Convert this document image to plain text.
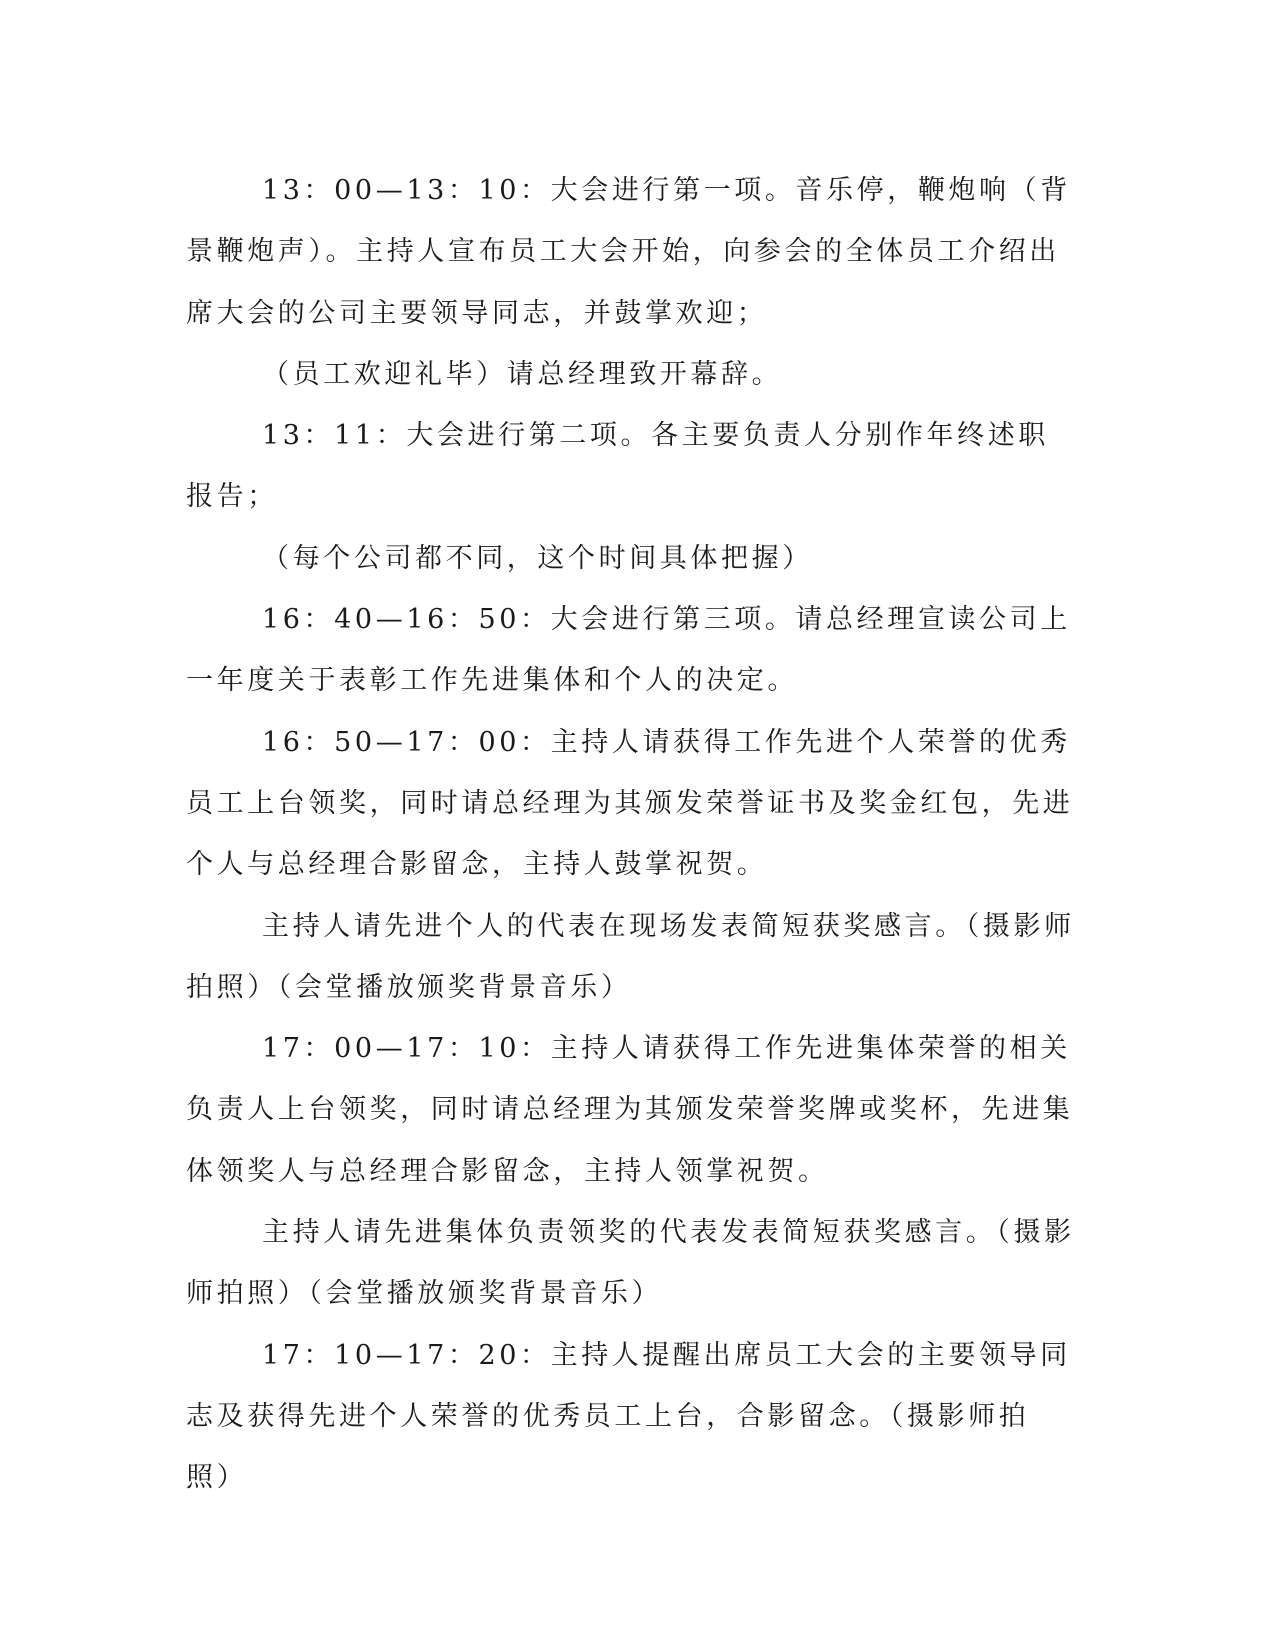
13：00—13：10：大会进行第一项。音乐停，鞭炮响（背景鞭炮声）。主持人宣布员工大会开始，向参会的全体员工介绍出席大会的公司主要领导同志，并鼓掌欢迎；

（员工欢迎礼毕）请总经理致开幕辞。

13：11：大会进行第二项。各主要负责人分别作年终述职报告；

（每个公司都不同，这个时间具体把握）

16：40—16：50：大会进行第三项。请总经理宣读公司上一年度关于表彰工作先进集体和个人的决定。

16：50—17：00：主持人请获得工作先进个人荣誉的优秀员工上台领奖，同时请总经理为其颁发荣誉证书及奖金红包，先进个人与总经理合影留念，主持人鼓掌祝贺。

主持人请先进个人的代表在现场发表简短获奖感言。（摄影师拍照）（会堂播放颁奖背景音乐）

17：00—17：10：主持人请获得工作先进集体荣誉的相关负责人上台领奖，同时请总经理为其颁发荣誉奖牌或奖杯，先进集体领奖人与总经理合影留念，主持人领掌祝贺。

主持人请先进集体负责领奖的代表发表简短获奖感言。（摄影师拍照）（会堂播放颁奖背景音乐）

17：10—17：20：主持人提醒出席员工大会的主要领导同志及获得先进个人荣誉的优秀员工上台，合影留念。（摄影师拍照）
